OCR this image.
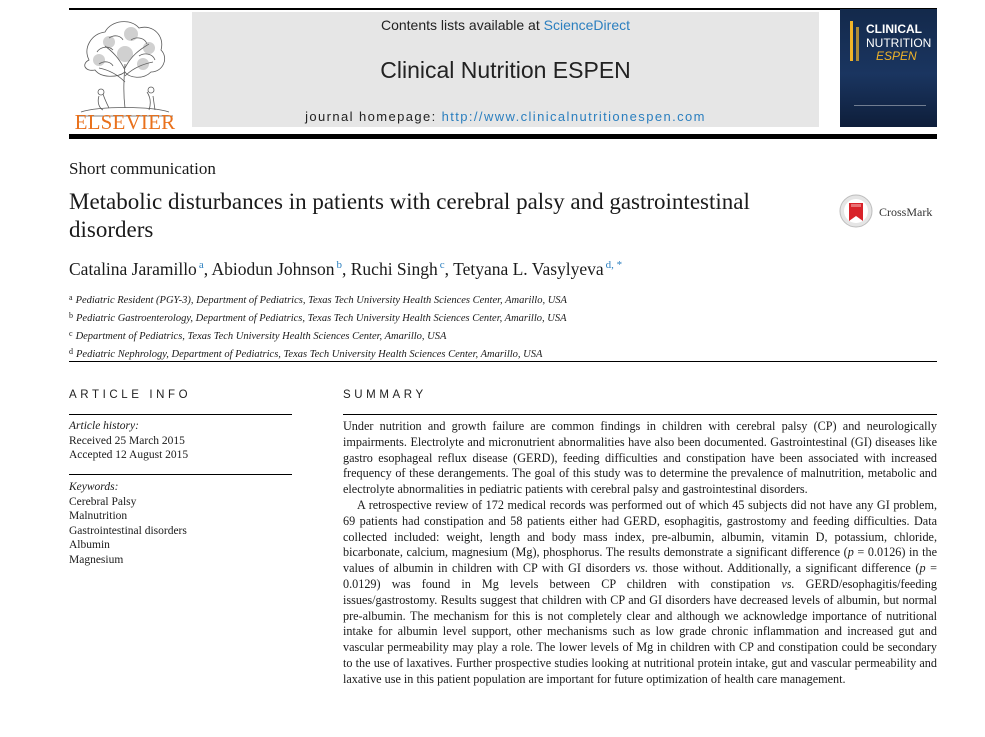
ELSEVIER
Contents lists available at ScienceDirect
Clinical Nutrition ESPEN
journal homepage: http://www.clinicalnutritionespen.com
CLINICAL
NUTRITION
ESPEN
Short communication
Metabolic disturbances in patients with cerebral palsy and gastrointestinal disorders
CrossMark
Catalina Jaramillo $^a$, Abiodun Johnson $^b$, Ruchi Singh $^c$, Tetyana L. Vasylyeva $^{d, *}$
$^a$ Pediatric Resident (PGY-3), Department of Pediatrics, Texas Tech University Health Sciences Center, Amarillo, USA
$^b$ Pediatric Gastroenterology, Department of Pediatrics, Texas Tech University Health Sciences Center, Amarillo, USA
$^c$ Department of Pediatrics, Texas Tech University Health Sciences Center, Amarillo, USA
$^d$ Pediatric Nephrology, Department of Pediatrics, Texas Tech University Health Sciences Center, Amarillo, USA
ARTICLE INFO	SUMMARY
Article history:
Received 25 March 2015
Accepted 12 August 2015
Keywords:
Cerebral Palsy
Malnutrition
Gastrointestinal disorders
Albumin
Magnesium

Under nutrition and growth failure are common findings in children with cerebral palsy (CP) and neurologically impairments. Electrolyte and micronutrient abnormalities have also been documented. Gastrointestinal (GI) diseases like gastro esophageal reflux disease (GERD), feeding difficulties and constipation have been associated with increased frequency of these derangements. The goal of this study was to determine the prevalence of malnutrition, metabolic and electrolyte abnormalities in pediatric patients with cerebral palsy and gastrointestinal disorders.

A retrospective review of 172 medical records was performed out of which 45 subjects did not have any GI problem, 69 patients had constipation and 58 patients either had GERD, esophagitis, gastrostomy and feeding difficulties. Data collected included: weight, length and body mass index, pre-albumin, albumin, vitamin D, potassium, chloride, bicarbonate, calcium, magnesium (Mg), phosphorus. The results demonstrate a significant difference (p = 0.0126) in the values of albumin in children with CP with GI disorders vs. those without. Additionally, a significant difference (p = 0.0129) was found in Mg levels between CP children with constipation vs. GERD/esophagitis/feeding issues/gastrostomy. Results suggest that children with CP and GI disorders have decreased levels of albumin, but normal pre-albumin. The mechanism for this is not completely clear and although we acknowledge importance of nutritional intake for albumin level support, other mechanisms such as low grade chronic inflammation and increased gut and vascular permeability may play a role. The lower levels of Mg in children with CP and constipation could be secondary to the use of laxatives. Further prospective studies looking at nutritional protein intake, gut and vascular permeability and laxative use in this patient population are important for future optimization of health care management.
